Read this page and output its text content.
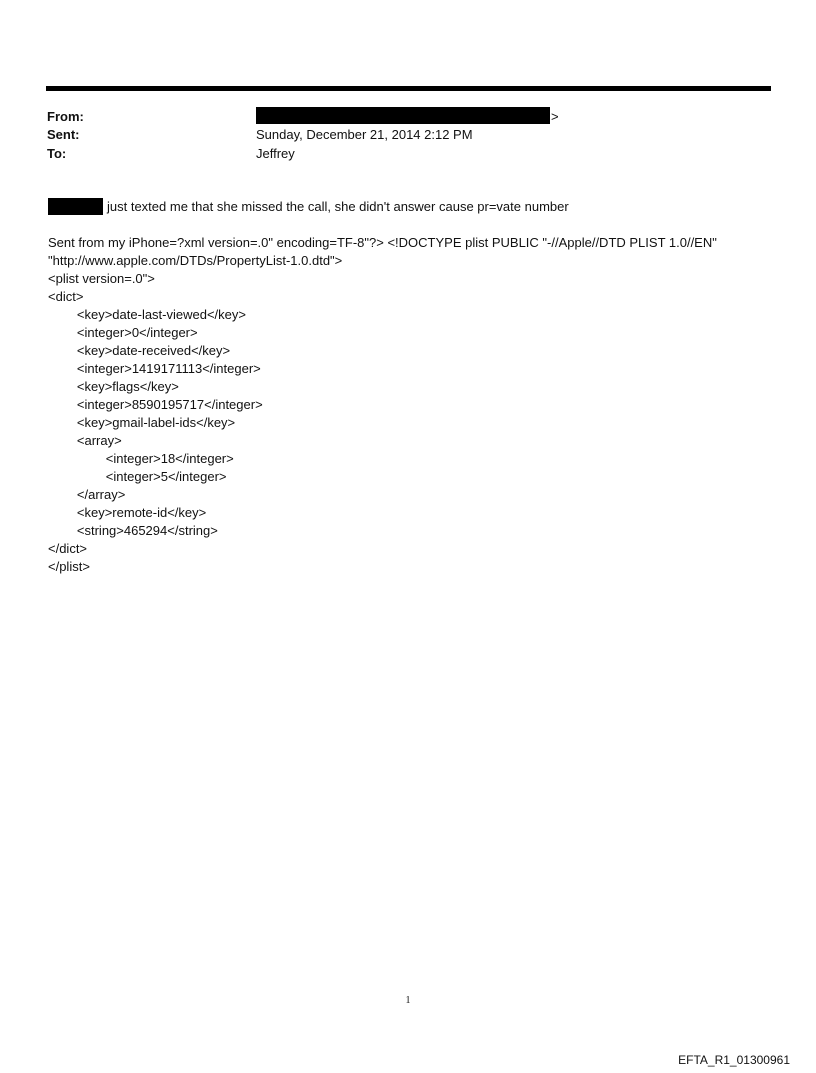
From:	>
Sent:	Sunday, December 21, 2014 2:12 PM
To:	Jeffrey
just texted me that she missed the call, she didn't answer cause pr=vate number
Sent from my iPhone=?xml version=.0" encoding=TF-8"?> <!DOCTYPE plist PUBLIC "-//Apple//DTD PLIST 1.0//EN"
"http://www.apple.com/DTDs/PropertyList-1.0.dtd">
<plist version=.0">
<dict>
<key>date-last-viewed</key>
<integer>0</integer>
<key>date-received</key>
<integer>1419171113</integer>
<key>flags</key>
<integer>8590195717</integer>
<key>gmail-label-ids</key>
<array>
<integer>18</integer>
<integer>5</integer>
</array>
<key>remote-id</key>
<string>465294</string>
</dict>
</plist>
1
EFTA_R1_01300961
